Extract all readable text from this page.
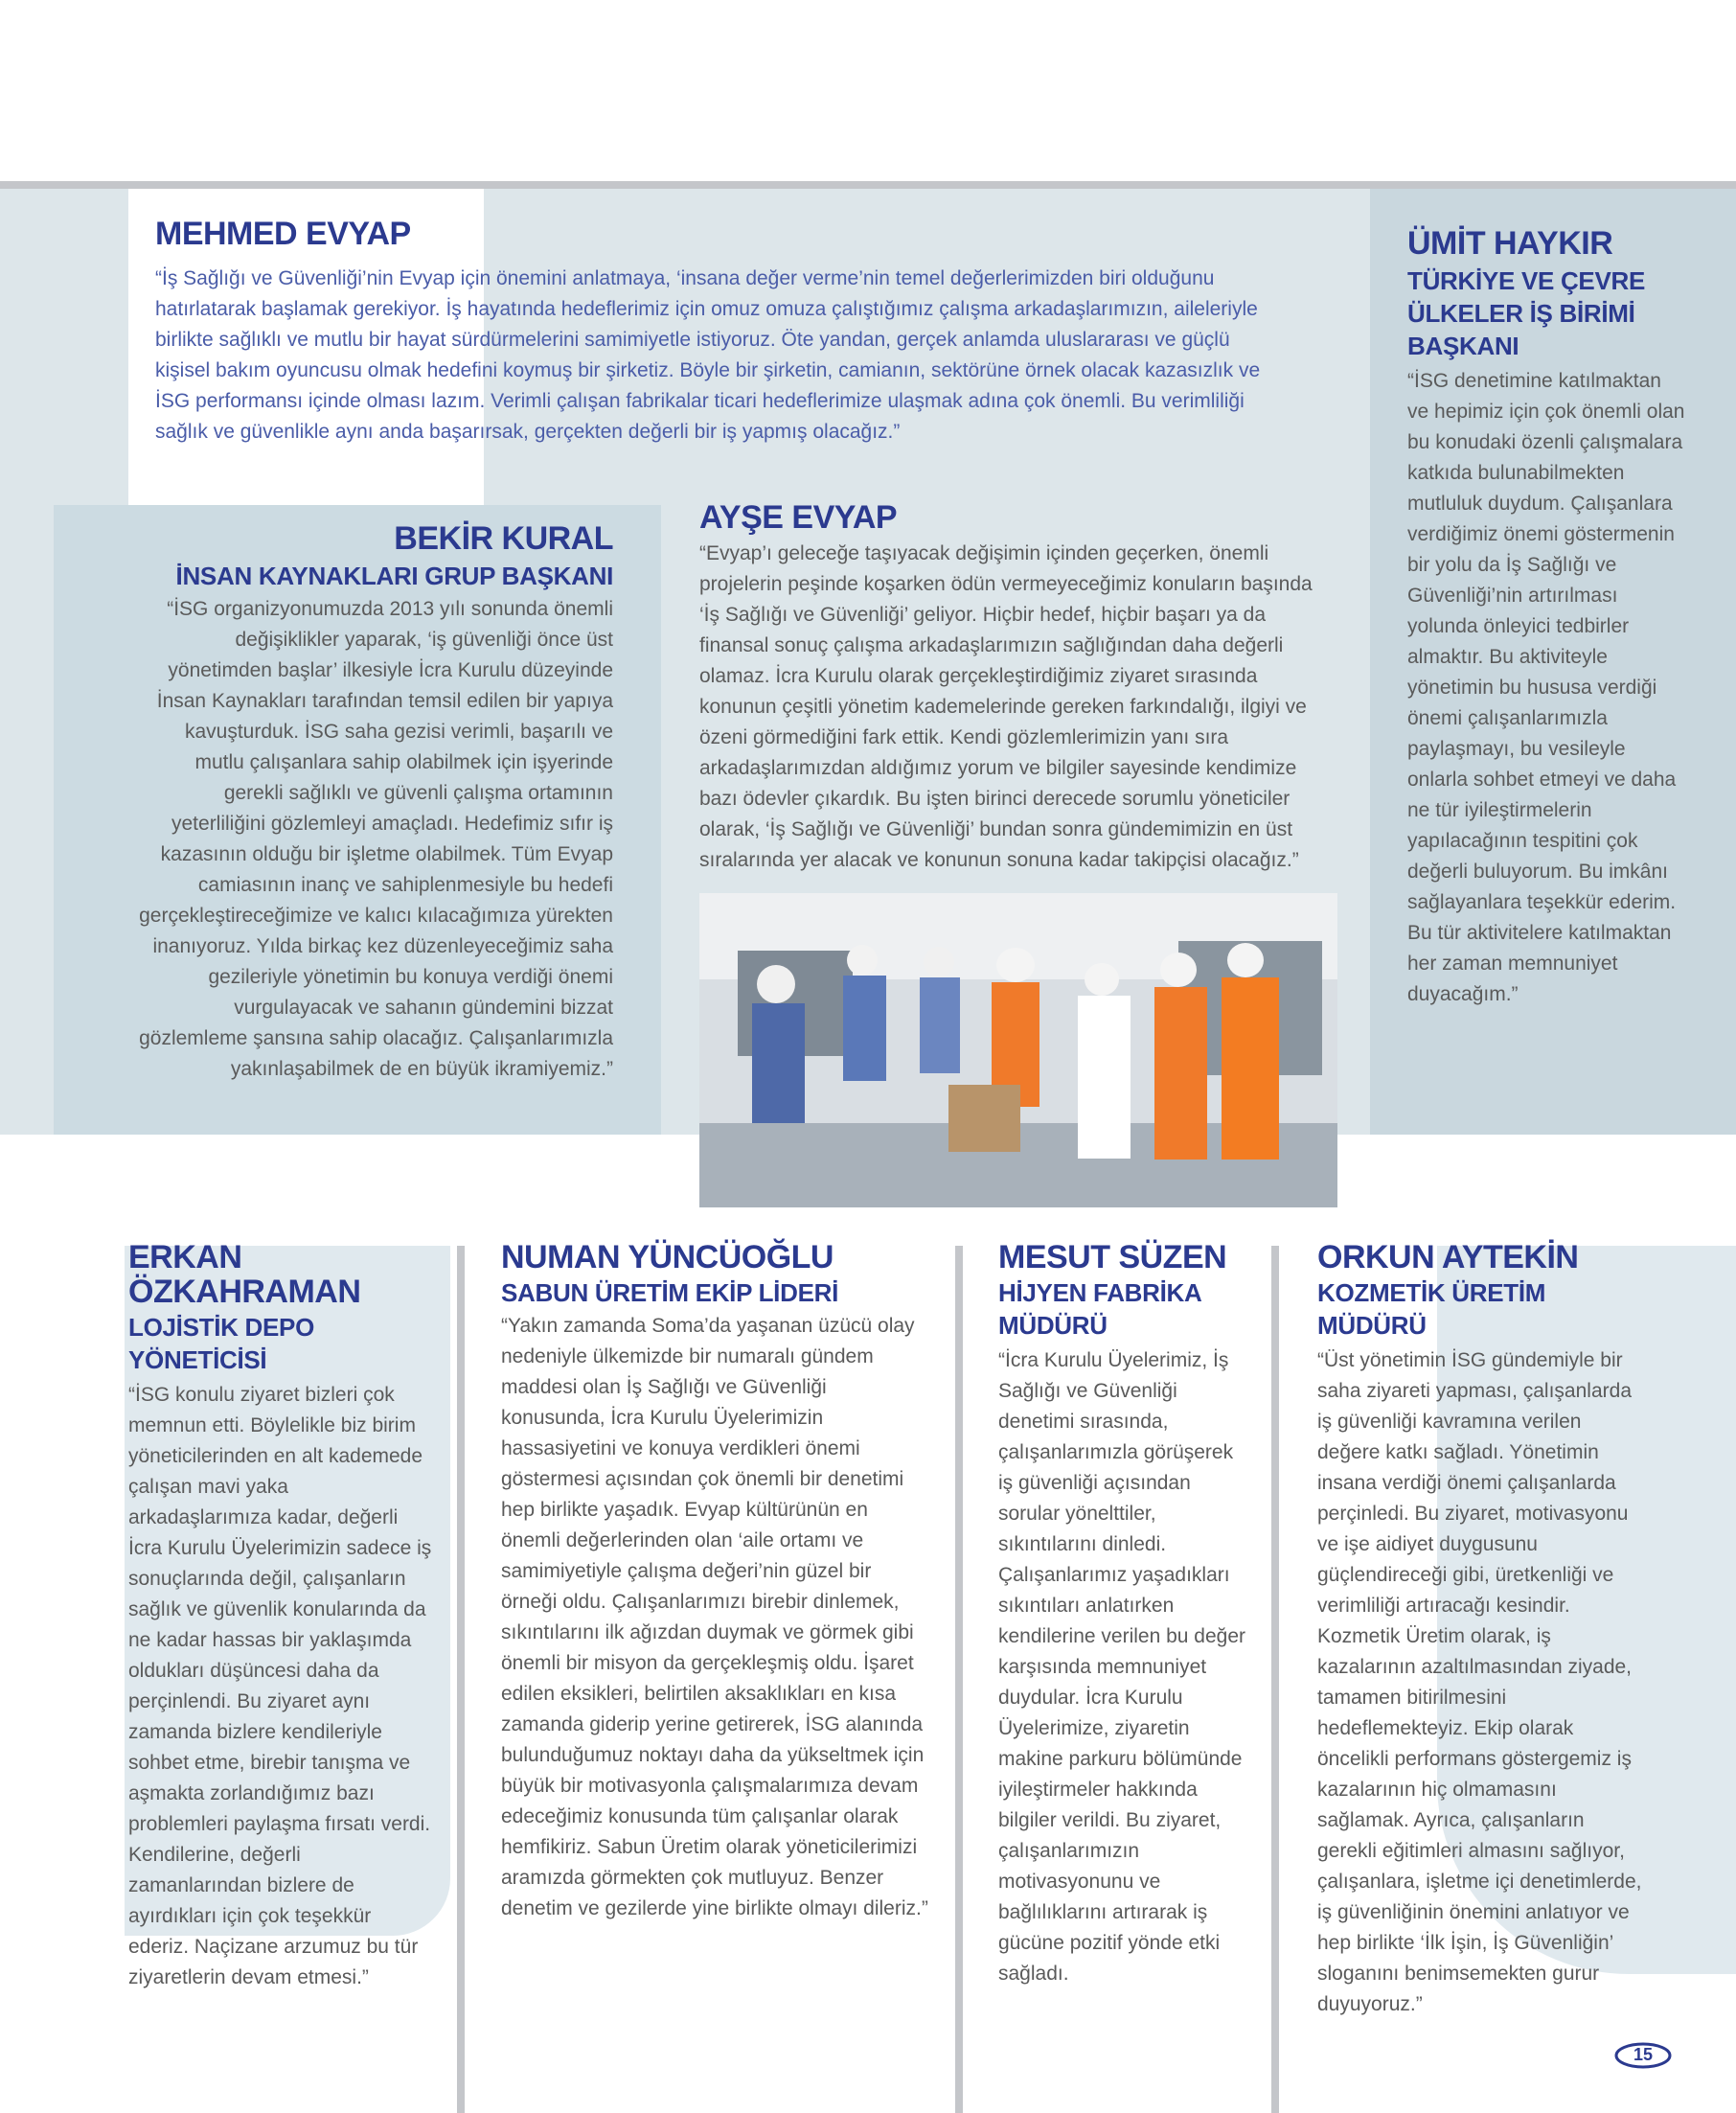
MEHMED EVYAP

“İş Sağlığı ve Güvenliği’nin Evyap için önemini anlatmaya, ‘insana değer verme’nin temel değerlerimizden biri olduğunu hatırlatarak başlamak gerekiyor. İş hayatında hedeflerimiz için omuz omuza çalıştığımız çalışma arkadaşlarımızın, aileleriyle birlikte sağlıklı ve mutlu bir hayat sürdürmelerini samimiyetle istiyoruz. Öte yandan, gerçek anlamda uluslararası ve güçlü kişisel bakım oyuncusu olmak hedefini koymuş bir şirketiz. Böyle bir şirketin, camianın, sektörüne örnek olacak kazasızlık ve İSG performansı içinde olması lazım. Verimli çalışan fabrikalar ticari hedeflerimize ulaşmak adına çok önemli. Bu verimliliği sağlık ve güvenlikle aynı anda başarırsak, gerçekten değerli bir iş yapmış olacağız.”

BEKİR KURAL
İNSAN KAYNAKLARI GRUP BAŞKANI

“İSG organizyonumuzda 2013 yılı sonunda önemli değişiklikler yaparak, ‘iş güvenliği önce üst yönetimden başlar’ ilkesiyle İcra Kurulu düzeyinde İnsan Kaynakları tarafından temsil edilen bir yapıya kavuşturduk. İSG saha gezisi verimli, başarılı ve mutlu çalışanlara sahip olabilmek için işyerinde gerekli sağlıklı ve güvenli çalışma ortamının yeterliliğini gözlemleyi amaçladı. Hedefimiz sıfır iş kazasının olduğu bir işletme olabilmek. Tüm Evyap camiasının inanç ve sahiplenmesiyle bu hedefi gerçekleştireceğimize ve kalıcı kılacağımıza yürekten inanıyoruz. Yılda birkaç kez düzenleyeceğimiz saha gezileriyle yönetimin bu konuya verdiği önemi vurgulayacak ve sahanın gündemini bizzat gözlemleme şansına sahip olacağız. Çalışanlarımızla yakınlaşabilmek de en büyük ikramiyemiz.”

AYŞE EVYAP

“Evyap’ı geleceğe taşıyacak değişimin içinden geçerken, önemli projelerin peşinde koşarken ödün vermeyeceğimiz konuların başında ‘İş Sağlığı ve Güvenliği’ geliyor. Hiçbir hedef, hiçbir başarı ya da finansal sonuç çalışma arkadaşlarımızın sağlığından daha değerli olamaz. İcra Kurulu olarak gerçekleştirdiğimiz ziyaret sırasında konunun çeşitli yönetim kademelerinde gereken farkındalığı, ilgiyi ve özeni görmediğini fark ettik. Kendi gözlemlerimizin yanı sıra arkadaşlarımızdan aldığımız yorum ve bilgiler sayesinde kendimize bazı ödevler çıkardık. Bu işten birinci derecede sorumlu yöneticiler olarak, ‘İş Sağlığı ve Güvenliği’ bundan sonra gündemimizin en üst sıralarında yer alacak ve konunun sonuna kadar takipçisi olacağız.”

ÜMİT HAYKIR
TÜRKİYE VE ÇEVRE ÜLKELER İŞ BİRİMİ BAŞKANI

“İSG denetimine katılmaktan ve hepimiz için çok önemli olan bu konudaki özenli çalışmalara katkıda bulunabilmekten mutluluk duydum. Çalışanlara verdiğimiz önemi göstermenin bir yolu da İş Sağlığı ve Güvenliği’nin artırılması yolunda önleyici tedbirler almaktır. Bu aktiviteyle yönetimin bu hususa verdiği önemi çalışanlarımızla paylaşmayı, bu vesileyle onlarla sohbet etmeyi ve daha ne tür iyileştirmelerin yapılacağının tespitini çok değerli buluyorum. Bu imkânı sağlayanlara teşekkür ederim. Bu tür aktivitelere katılmaktan her zaman memnuniyet duyacağım.”

ERKAN ÖZKAHRAMAN
LOJİSTİK DEPO YÖNETİCİSİ

“İSG konulu ziyaret bizleri çok memnun etti. Böylelikle biz birim yöneticilerinden en alt kademede çalışan mavi yaka arkadaşlarımıza kadar, değerli İcra Kurulu Üyelerimizin sadece iş sonuçlarında değil, çalışanların sağlık ve güvenlik konularında da ne kadar hassas bir yaklaşımda oldukları düşüncesi daha da perçinlendi. Bu ziyaret aynı zamanda bizlere kendileriyle sohbet etme, birebir tanışma ve aşmakta zorlandığımız bazı problemleri paylaşma fırsatı verdi. Kendilerine, değerli zamanlarından bizlere de ayırdıkları için çok teşekkür ederiz. Naçizane arzumuz bu tür ziyaretlerin devam etmesi.”

NUMAN YÜNCÜOĞLU
SABUN ÜRETİM EKİP LİDERİ

“Yakın zamanda Soma’da yaşanan üzücü olay nedeniyle ülkemizde bir numaralı gündem maddesi olan İş Sağlığı ve Güvenliği konusunda, İcra Kurulu Üyelerimizin hassasiyetini ve konuya verdikleri önemi göstermesi açısından çok önemli bir denetimi hep birlikte yaşadık. Evyap kültürünün en önemli değerlerinden olan ‘aile ortamı ve samimiyetiyle çalışma değeri’nin güzel bir örneği oldu. Çalışanlarımızı birebir dinlemek, sıkıntılarını ilk ağızdan duymak ve görmek gibi önemli bir misyon da gerçekleşmiş oldu. İşaret edilen eksikleri, belirtilen aksaklıkları en kısa zamanda giderip yerine getirerek, İSG alanında bulunduğumuz noktayı daha da yükseltmek için büyük bir motivasyonla çalışmalarımıza devam edeceğimiz konusunda tüm çalışanlar olarak hemfikiriz. Sabun Üretim olarak yöneticilerimizi aramızda görmekten çok mutluyuz. Benzer denetim ve gezilerde yine birlikte olmayı dileriz.”

MESUT SÜZEN
HİJYEN FABRİKA MÜDÜRÜ

“İcra Kurulu Üyelerimiz, İş Sağlığı ve Güvenliği denetimi sırasında, çalışanlarımızla görüşerek iş güvenliği açısından sorular yönelttiler, sıkıntılarını dinledi. Çalışanlarımız yaşadıkları sıkıntıları anlatırken kendilerine verilen bu değer karşısında memnuniyet duydular. İcra Kurulu Üyelerimize, ziyaretin makine parkuru bölümünde iyileştirmeler hakkında bilgiler verildi. Bu ziyaret, çalışanlarımızın motivasyonunu ve bağlılıklarını artırarak iş gücüne pozitif yönde etki sağladı.

ORKUN AYTEKİN
KOZMETİK ÜRETİM MÜDÜRÜ

“Üst yönetimin İSG gündemiyle bir saha ziyareti yapması, çalışanlarda iş güvenliği kavramına verilen değere katkı sağladı. Yönetimin insana verdiği önemi çalışanlarda perçinledi. Bu ziyaret, motivasyonu ve işe aidiyet duygusunu güçlendireceği gibi, üretkenliği ve verimliliği artıracağı kesindir. Kozmetik Üretim olarak, iş kazalarının azaltılmasından ziyade, tamamen bitirilmesini hedeflemekteyiz. Ekip olarak öncelikli performans göstergemiz iş kazalarının hiç olmamasını sağlamak. Ayrıca, çalışanların gerekli eğitimleri almasını sağlıyor, çalışanlara, işletme içi denetimlerde, iş güvenliğinin önemini anlatıyor ve hep birlikte ‘İlk İşin, İş Güvenliğin’ sloganını benimsemekten gurur duyuyoruz.”

15
